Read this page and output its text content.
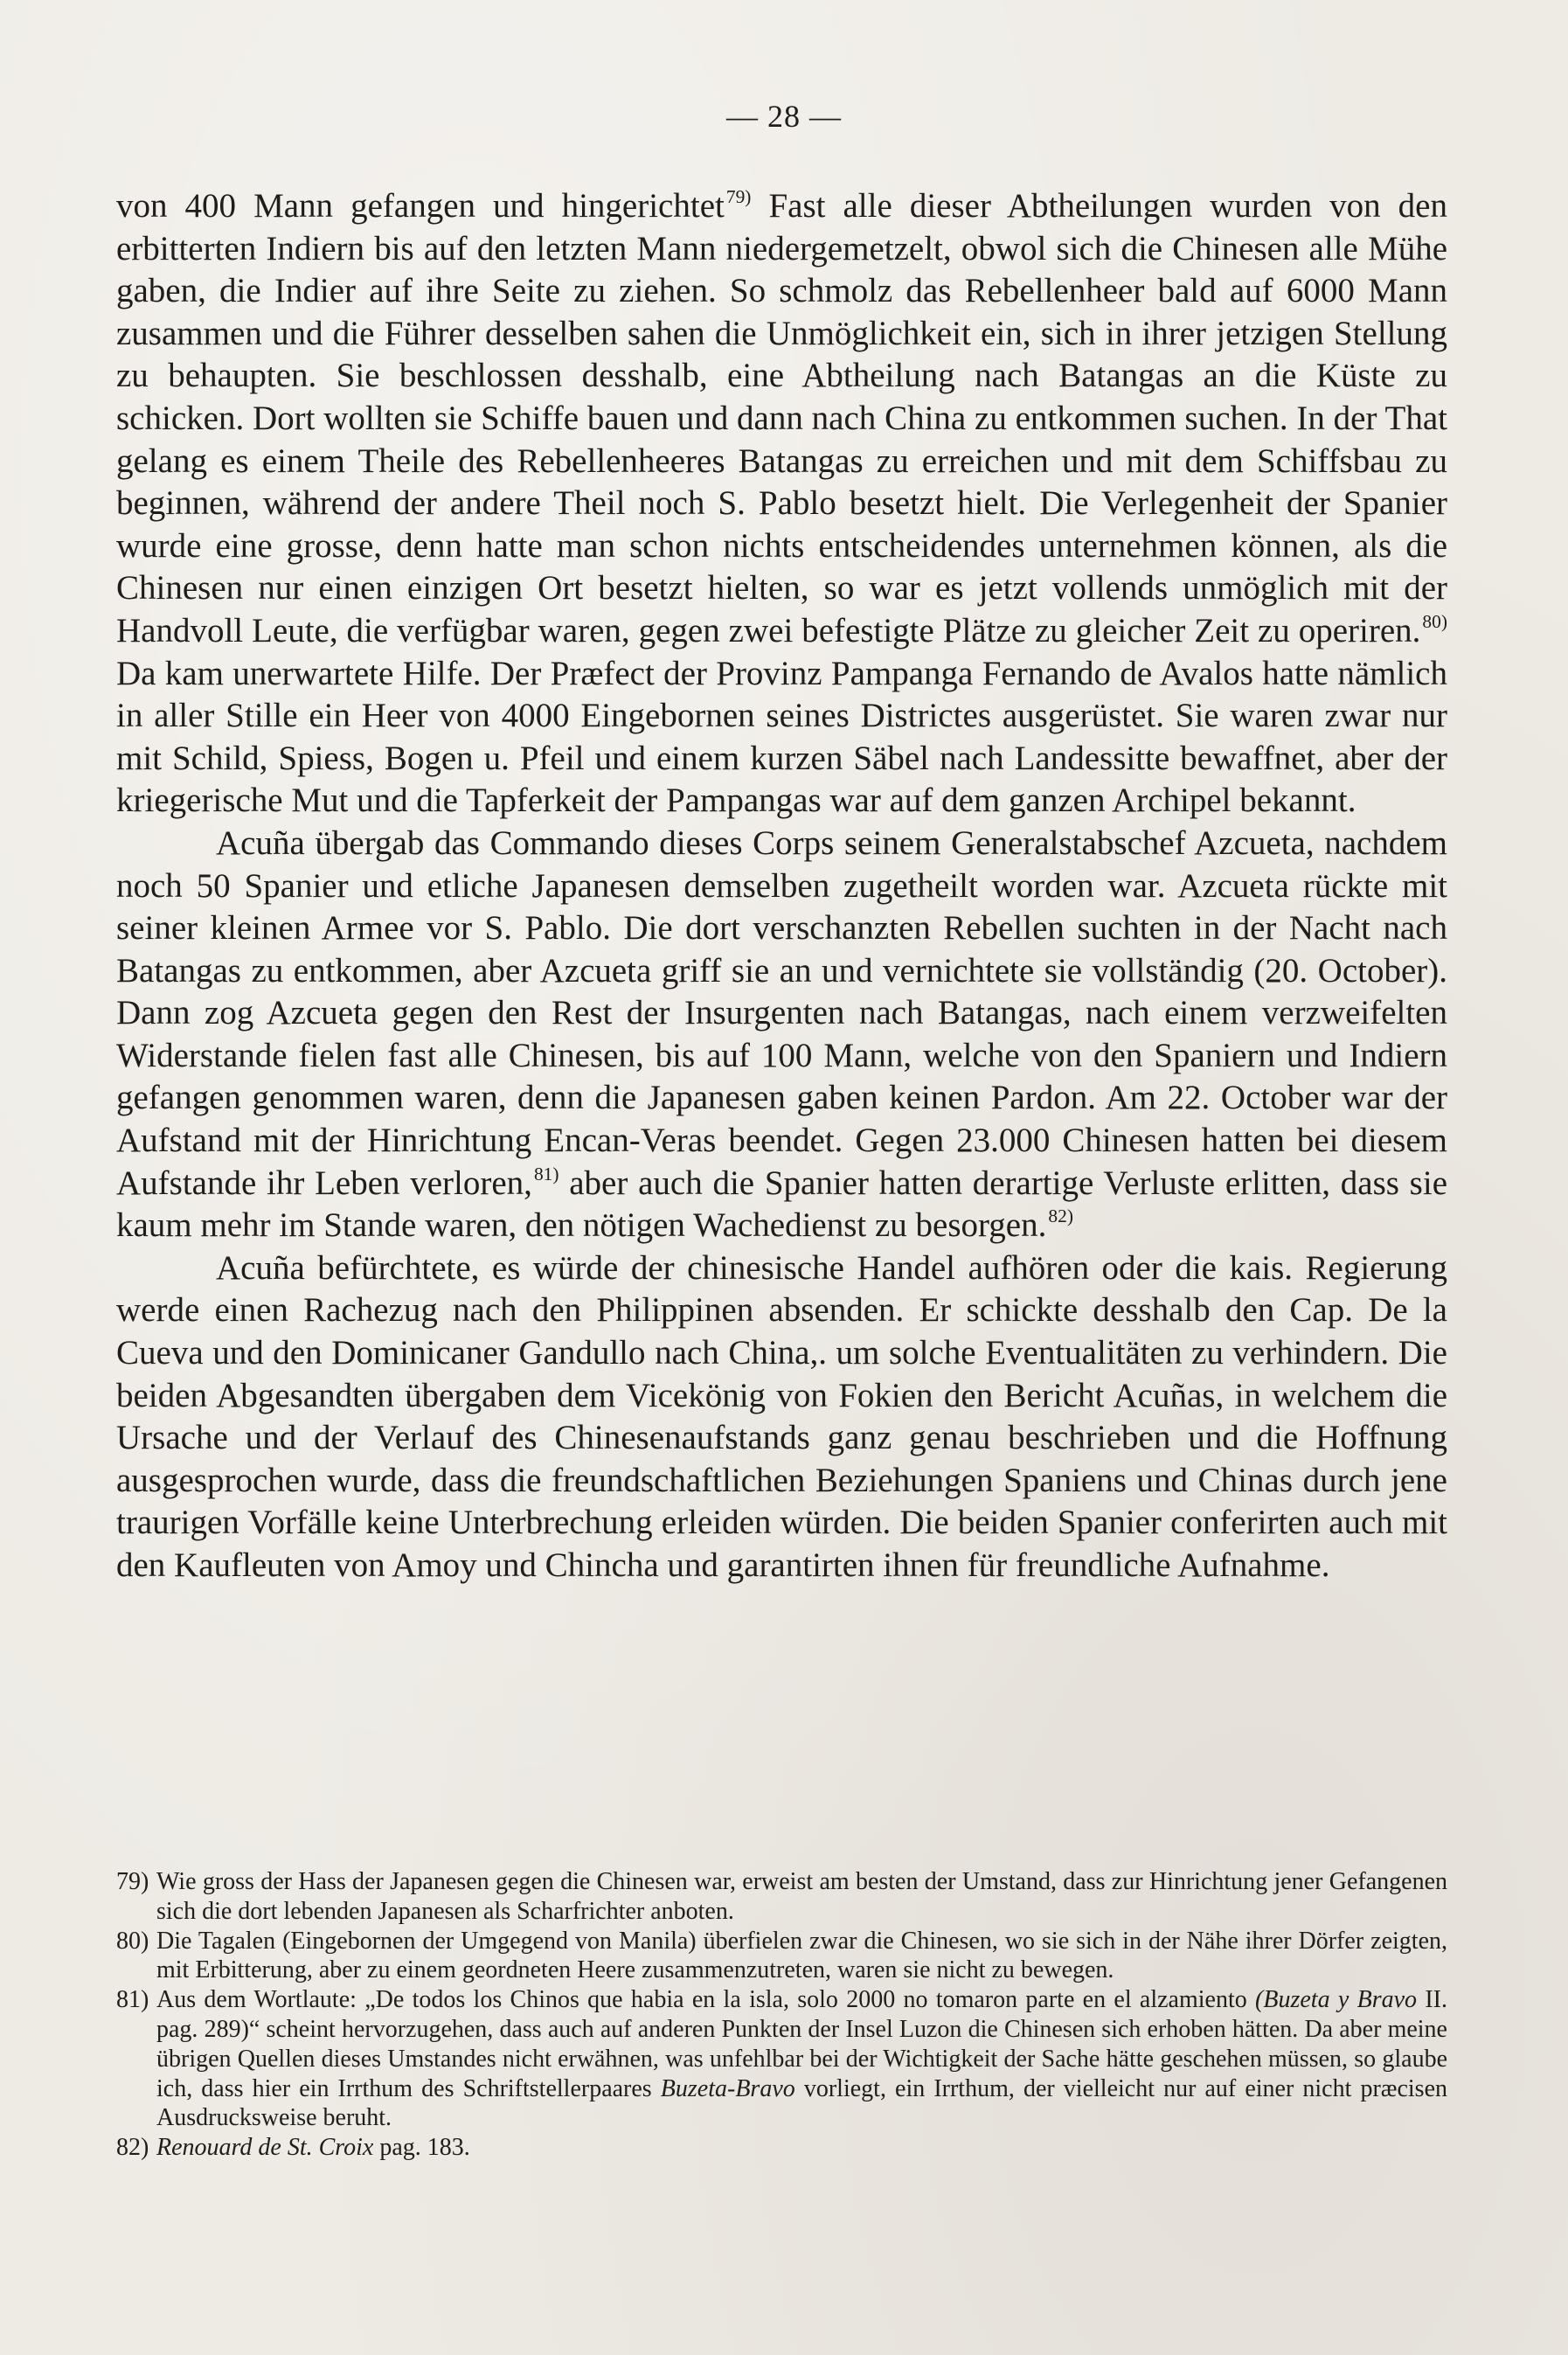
— 28 —

von 400 Mann gefangen und hingerichtet$^{79)}$ Fast alle dieser Abtheilungen wurden von den erbitterten Indiern bis auf den letzten Mann niedergemetzelt, obwol sich die Chinesen alle Mühe gaben, die Indier auf ihre Seite zu ziehen. So schmolz das Rebellenheer bald auf 6000 Mann zusammen und die Führer desselben sahen die Unmöglichkeit ein, sich in ihrer jetzigen Stellung zu behaupten. Sie beschlossen desshalb, eine Abtheilung nach Batangas an die Küste zu schicken. Dort wollten sie Schiffe bauen und dann nach China zu entkommen suchen. In der That gelang es einem Theile des Rebellenheeres Batangas zu erreichen und mit dem Schiffsbau zu beginnen, während der andere Theil noch S. Pablo besetzt hielt. Die Verlegenheit der Spanier wurde eine grosse, denn hatte man schon nichts entscheidendes unternehmen können, als die Chinesen nur einen einzigen Ort besetzt hielten, so war es jetzt vollends unmöglich mit der Handvoll Leute, die verfügbar waren, gegen zwei befestigte Plätze zu gleicher Zeit zu operiren.$^{80)}$ Da kam unerwartete Hilfe. Der Præfect der Provinz Pampanga Fernando de Avalos hatte nämlich in aller Stille ein Heer von 4000 Eingebornen seines Districtes ausgerüstet. Sie waren zwar nur mit Schild, Spiess, Bogen u. Pfeil und einem kurzen Säbel nach Landessitte bewaffnet, aber der kriegerische Mut und die Tapferkeit der Pampangas war auf dem ganzen Archipel bekannt.

Acuña übergab das Commando dieses Corps seinem Generalstabschef Azcueta, nachdem noch 50 Spanier und etliche Japanesen demselben zugetheilt worden war. Azcueta rückte mit seiner kleinen Armee vor S. Pablo. Die dort verschanzten Rebellen suchten in der Nacht nach Batangas zu entkommen, aber Azcueta griff sie an und vernichtete sie vollständig (20. October). Dann zog Azcueta gegen den Rest der Insurgenten nach Batangas, nach einem verzweifelten Widerstande fielen fast alle Chinesen, bis auf 100 Mann, welche von den Spaniern und Indiern gefangen genommen waren, denn die Japanesen gaben keinen Pardon. Am 22. October war der Aufstand mit der Hinrichtung Encan-Veras beendet. Gegen 23.000 Chinesen hatten bei diesem Aufstande ihr Leben verloren,$^{81)}$ aber auch die Spanier hatten derartige Verluste erlitten, dass sie kaum mehr im Stande waren, den nötigen Wachedienst zu besorgen.$^{82)}$

Acuña befürchtete, es würde der chinesische Handel aufhören oder die kais. Regierung werde einen Rachezug nach den Philippinen absenden. Er schickte desshalb den Cap. De la Cueva und den Dominicaner Gandullo nach China,. um solche Eventualitäten zu verhindern. Die beiden Abgesandten übergaben dem Vicekönig von Fokien den Bericht Acuñas, in welchem die Ursache und der Verlauf des Chinesenaufstands ganz genau beschrieben und die Hoffnung ausgesprochen wurde, dass die freundschaftlichen Beziehungen Spaniens und Chinas durch jene traurigen Vorfälle keine Unterbrechung erleiden würden. Die beiden Spanier conferirten auch mit den Kaufleuten von Amoy und Chincha und garantirten ihnen für freundliche Aufnahme.

79) Wie gross der Hass der Japanesen gegen die Chinesen war, erweist am besten der Umstand, dass zur Hinrichtung jener Gefangenen sich die dort lebenden Japanesen als Scharfrichter anboten.
80) Die Tagalen (Eingebornen der Umgegend von Manila) überfielen zwar die Chinesen, wo sie sich in der Nähe ihrer Dörfer zeigten, mit Erbitterung, aber zu einem geordneten Heere zusammenzutreten, waren sie nicht zu bewegen.
81) Aus dem Wortlaute: „De todos los Chinos que habia en la isla, solo 2000 no tomaron parte en el alzamiento (Buzeta y Bravo II. pag. 289)“ scheint hervorzugehen, dass auch auf anderen Punkten der Insel Luzon die Chinesen sich erhoben hätten. Da aber meine übrigen Quellen dieses Umstandes nicht erwähnen, was unfehlbar bei der Wichtigkeit der Sache hätte geschehen müssen, so glaube ich, dass hier ein Irrthum des Schriftstellerpaares Buzeta-Bravo vorliegt, ein Irrthum, der vielleicht nur auf einer nicht præcisen Ausdrucksweise beruht.
82) Renouard de St. Croix pag. 183.
